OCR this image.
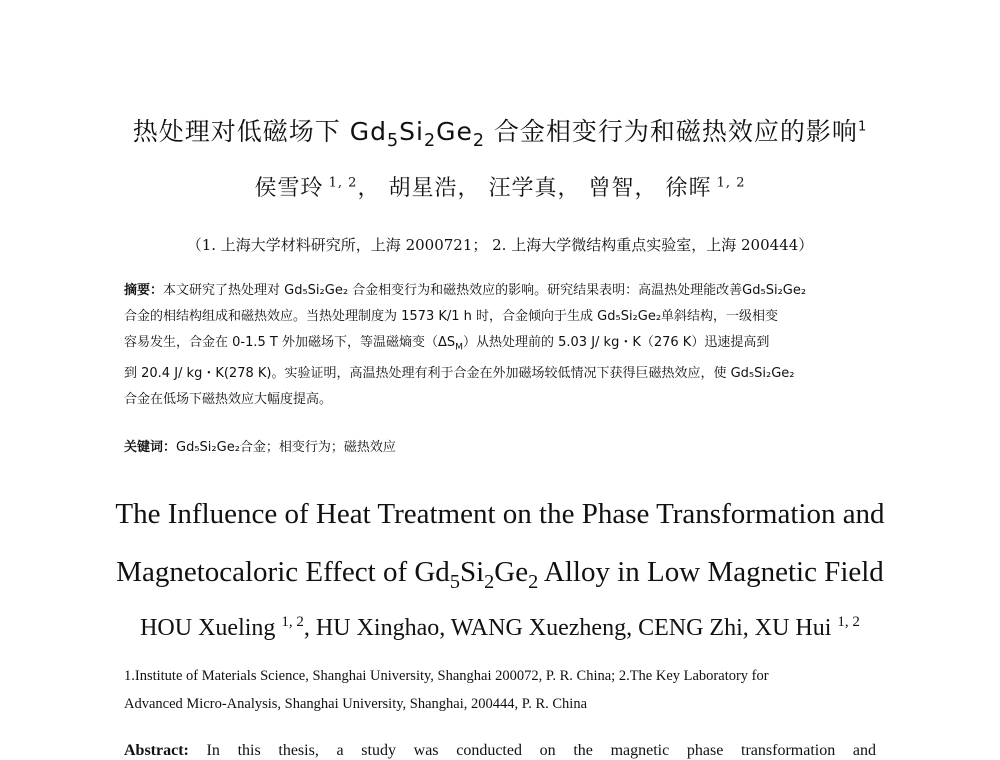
热处理对低磁场下 $Gd_5Si_2Ge_2$ 合金相变行为和磁热效应的影响$^1$
侯雪玲 $^{1, 2}$， 胡星浩， 汪学真， 曾智， 徐晖 $^{1, 2}$
（1. 上海大学材料研究所，上海 2000721； 2. 上海大学微结构重点实验室，上海 200444）
摘要：本文研究了热处理对 Gd₅Si₂Ge₂ 合金相变行为和磁热效应的影响。研究结果表明：高温热处理能改善Gd₅Si₂Ge₂
合金的相结构组成和磁热效应。当热处理制度为 1573 K/1 h 时，合金倾向于生成 Gd₅Si₂Ge₂单斜结构，一级相变
容易发生，合金在 0-1.5 T 外加磁场下，等温磁熵变$(\Delta S_M)$从热处理前的 5.03 J/ kg・K（276 K）迅速提高到
到 20.4 J/ kg・K(278 K)。实验证明，高温热处理有利于合金在外加磁场较低情况下获得巨磁热效应，使 Gd₅Si₂Ge₂
合金在低场下磁热效应大幅度提高。
关键词：Gd₅Si₂Ge₂合金；相变行为；磁热效应
The Influence of Heat Treatment on the Phase Transformation and
Magnetocaloric Effect of $Gd_5Si_2Ge_2$ Alloy in Low Magnetic Field
HOU Xueling $^{1, 2}$, HU Xinghao, WANG Xuezheng, CENG Zhi, XU Hui $^{1, 2}$
1.Institute of Materials Science, Shanghai University, Shanghai 200072, P. R. China; 2.The Key Laboratory for
Advanced Micro-Analysis, Shanghai University, Shanghai, 200444, P. R. China
Abstract: In this thesis, a study was conducted on the magnetic phase transformation and
